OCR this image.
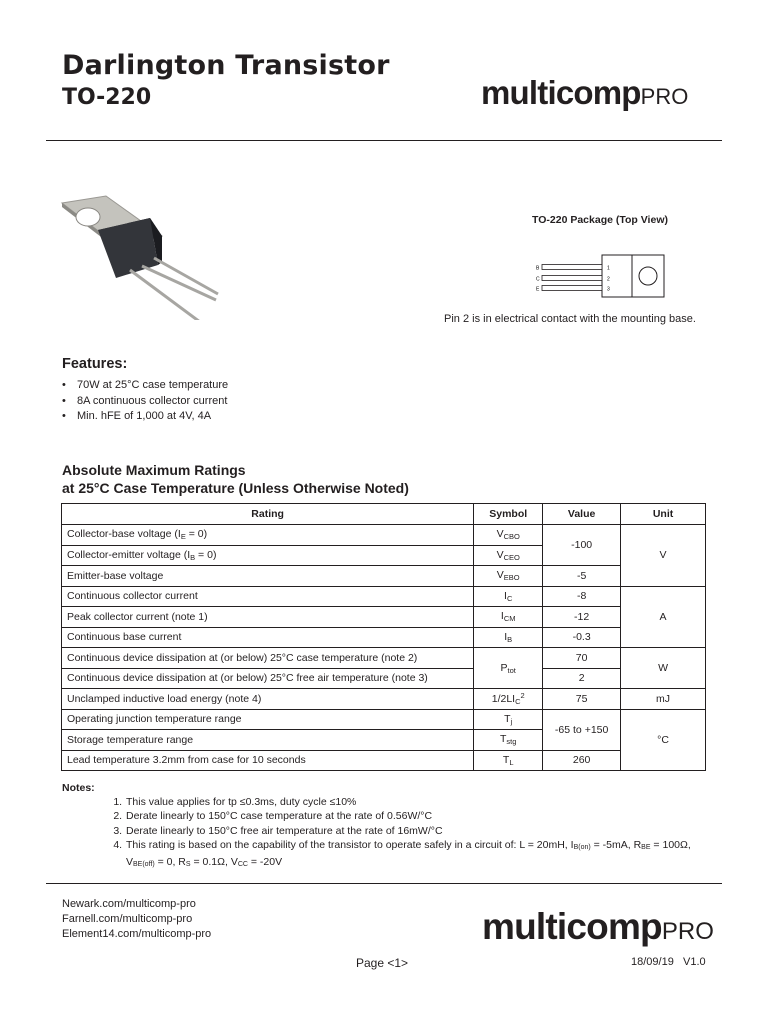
Darlington Transistor
TO-220	multicompPRO
TO-220 Package (Top View)
B
C
E
1
2
3
Pin 2 is in electrical contact with the mounting base.
Features:
• 70W at 25°C case temperature
• 8A continuous collector current
• Min. hFE of 1,000 at 4V, 4A
Absolute Maximum Ratings
at 25°C Case Temperature (Unless Otherwise Noted)
Rating	Symbol	Value	Unit
Collector-base voltage $(I_E = 0)$	$V_{CBO}$	-100	V
Collector-emitter voltage $(I_B = 0)$	$V_{CEO}$
Emitter-base voltage	$V_{EBO}$	-5	
Continuous collector current	$I_C$	-8	A
Peak collector current (note 1)	$I_{CM}$	-12	
Continuous base current	$I_B$	-0.3	
Continuous device dissipation at (or below) 25°C case temperature (note 2)	$P_{tot}$	70	W
Continuous device dissipation at (or below) 25°C free air temperature (note 3)		2	
Unclamped inductive load energy (note 4)	$1/2LI_C^2$	75	mJ
Operating junction temperature range	$T_j$	-65 to +150	°C
Storage temperature range	$T_{stg}$
Lead temperature 3.2mm from case for 10 seconds	$T_L$	260	
Notes:
1. This value applies for tp ≤0.3ms, duty cycle ≤10%
2. Derate linearly to 150°C case temperature at the rate of 0.56W/°C
3. Derate linearly to 150°C free air temperature at the rate of 16mW/°C
4. This rating is based on the capability of the transistor to operate safely in a circuit of: L = 20mH, IB(on) = -5mA, RBE = 100Ω, VBE(off) = 0, RS = 0.1Ω, VCC = -20V
Newark.com/multicomp-pro
Farnell.com/multicomp-pro
Element14.com/multicomp-pro	multicompPRO
Page <1>	18/09/19   V1.0
